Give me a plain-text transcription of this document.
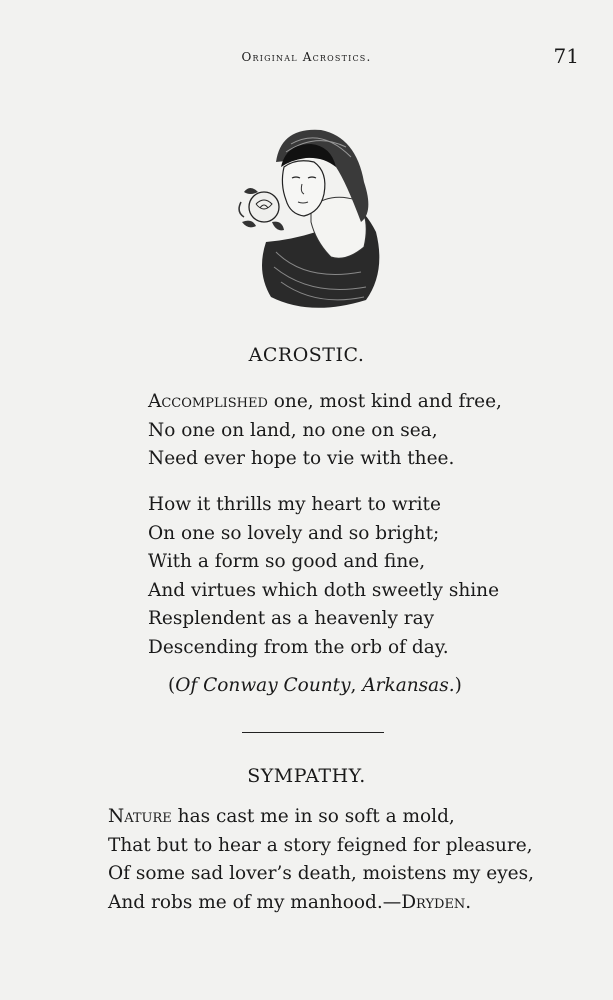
Original Acrostics.	71
ACROSTIC.
Accomplished one, most kind and free,
No one on land, no one on sea,
Need ever hope to vie with thee.
How it thrills my heart to write
On one so lovely and so bright;
With a form so good and fine,
And virtues which doth sweetly shine
Resplendent as a heavenly ray
Descending from the orb of day.
(Of Conway County, Arkansas.)
SYMPATHY.
Nature has cast me in so soft a mold,
That but to hear a story feigned for pleasure,
Of some sad lover’s death, moistens my eyes,
And robs me of my manhood.—Dryden.
